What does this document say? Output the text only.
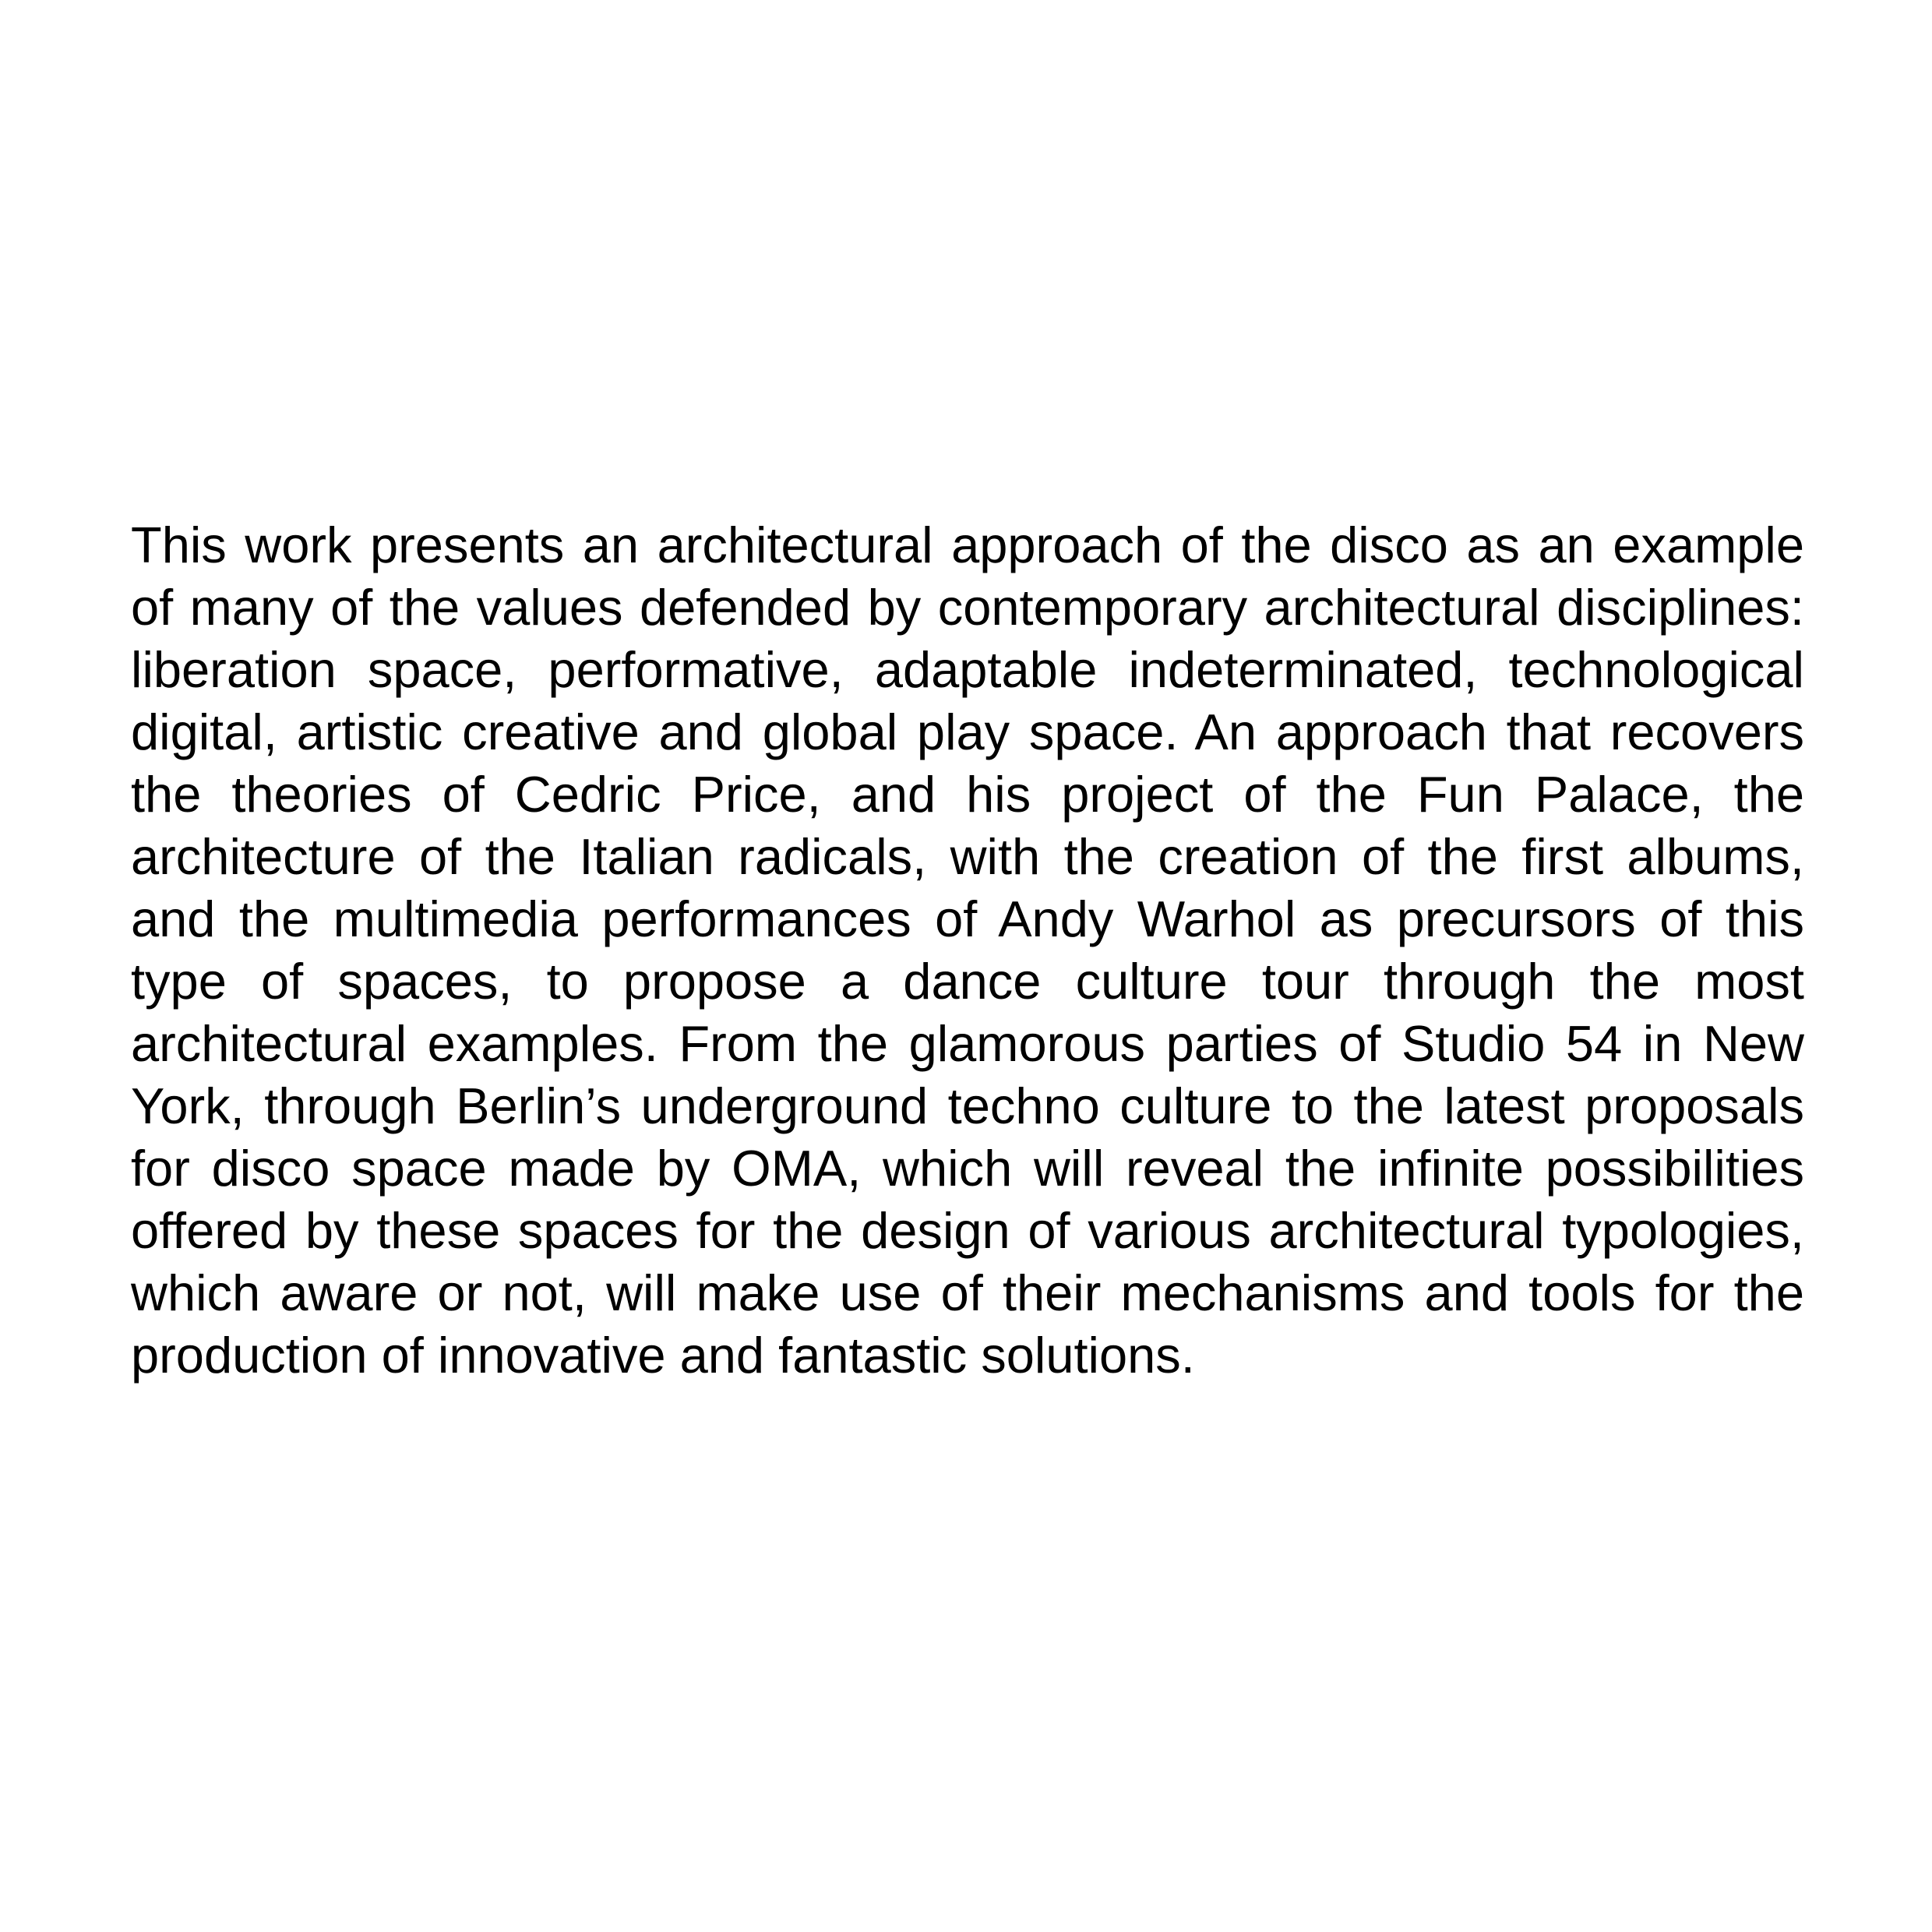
This work presents an architectural approach of the disco as an example
of many of the values defended by contemporary architectural disciplines:
liberation space, performative, adaptable indeterminated, technological
digital, artistic creative and global play space. An approach that recovers
the theories of Cedric Price, and his project of the Fun Palace, the
architecture of the Italian radicals, with the creation of the first albums,
and the multimedia performances of Andy Warhol as precursors of this
type of spaces, to propose a dance culture tour through the most
architectural examples. From the glamorous parties of Studio 54 in New
York, through Berlin’s underground techno culture to the latest proposals
for disco space made by OMA, which will reveal the infinite possibilities
offered by these spaces for the design of various architectural typologies,
which aware or not, will make use of their mechanisms and tools for the
production of innovative and fantastic solutions.
